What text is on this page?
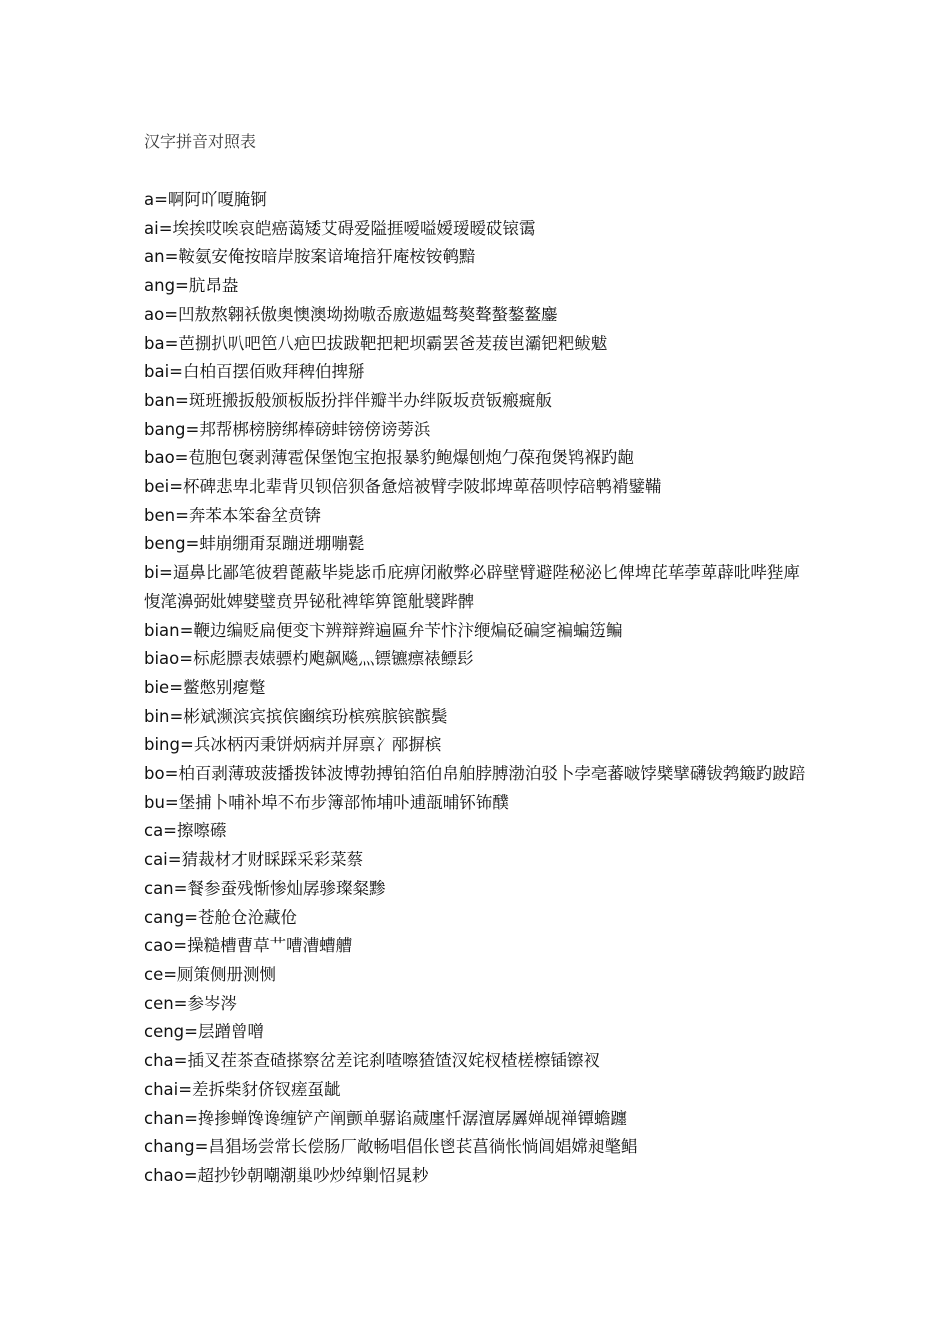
汉字拼音对照表
a=啊阿吖嗄腌锕
ai=埃挨哎唉哀皑癌蔼矮艾碍爱隘捱嗳嗌嫒瑷暧砹锿霭
an=鞍氨安俺按暗岸胺案谙埯揞犴庵桉铵鹌黯
ang=肮昂盎
ao=凹敖熬翱袄傲奥懊澳坳拗嗷岙廒遨媪骜獒聱螯鏊鳌鏖
ba=芭捌扒叭吧笆八疤巴拔跋靶把耙坝霸罢爸茇菝岜灞钯粑鲅魃
bai=白柏百摆佰败拜稗伯捭掰
ban=斑班搬扳般颁板版扮拌伴瓣半办绊阪坂贲钣瘢癍舨
bang=邦帮梆榜膀绑棒磅蚌镑傍谤蒡浜
bao=苞胞包褒剥薄雹保堡饱宝抱报暴豹鲍爆刨炮勹葆孢煲鸨褓趵龅
bei=杯碑悲卑北辈背贝钡倍狈备惫焙被臂孛陂邶埤萆蓓呗悖碚鹎褙鐾鞴
ben=奔苯本笨畚坌贲锛
beng=蚌崩绷甭泵蹦迸堋嘣甏
bi=逼鼻比鄙笔彼碧蓖蔽毕毙毖币庇痹闭敝弊必辟壁臂避陛秘泌匕俾埤芘荜荸萆薜吡哔狴庳愎滗濞弼妣婢嬖璧贲畀铋秕裨筚箅篦舭襞跸髀
bian=鞭边编贬扁便变卞辨辩辫遍匾弁苄忭汴缏煸砭碥窆褊蝙笾鳊
biao=标彪膘表婊骠杓飑飙飚灬镖镳瘭裱鳔髟
bie=鳖憋别瘪蹩
bin=彬斌濒滨宾摈傧豳缤玢槟殡膑镔髌鬓
bing=兵冰柄丙秉饼炳病并屏禀冫邴摒槟
bo=柏百剥薄玻菠播拨钵波博勃搏铂箔伯帛舶脖膊渤泊驳卜孛亳蕃啵饽檗擘礴钹鹁簸趵跛踣
bu=堡捕卜哺补埠不布步簿部怖埔卟逋瓿晡钚钸醭
ca=擦嚓礤
cai=猜裁材才财睬踩采彩菜蔡
can=餐参蚕残惭惨灿孱骖璨粲黪
cang=苍舱仓沧藏伧
cao=操糙槽曹草艹嘈漕螬艚
ce=厕策侧册测恻
cen=参岑涔
ceng=层蹭曾噌
cha=插叉茬茶查碴搽察岔差诧刹喳嚓猹馇汊姹杈楂槎檫锸镲衩
chai=差拆柴豺侪钗瘥虿龇
chan=搀掺蝉馋谗缠铲产阐颤单骣谄蒇廛忏潺澶孱羼婵觇禅镡蟾躔
chang=昌猖场尝常长偿肠厂敞畅唱倡伥鬯苌菖徜怅惝阊娼嫦昶氅鲳
chao=超抄钞朝嘲潮巢吵炒绰剿怊晁耖
